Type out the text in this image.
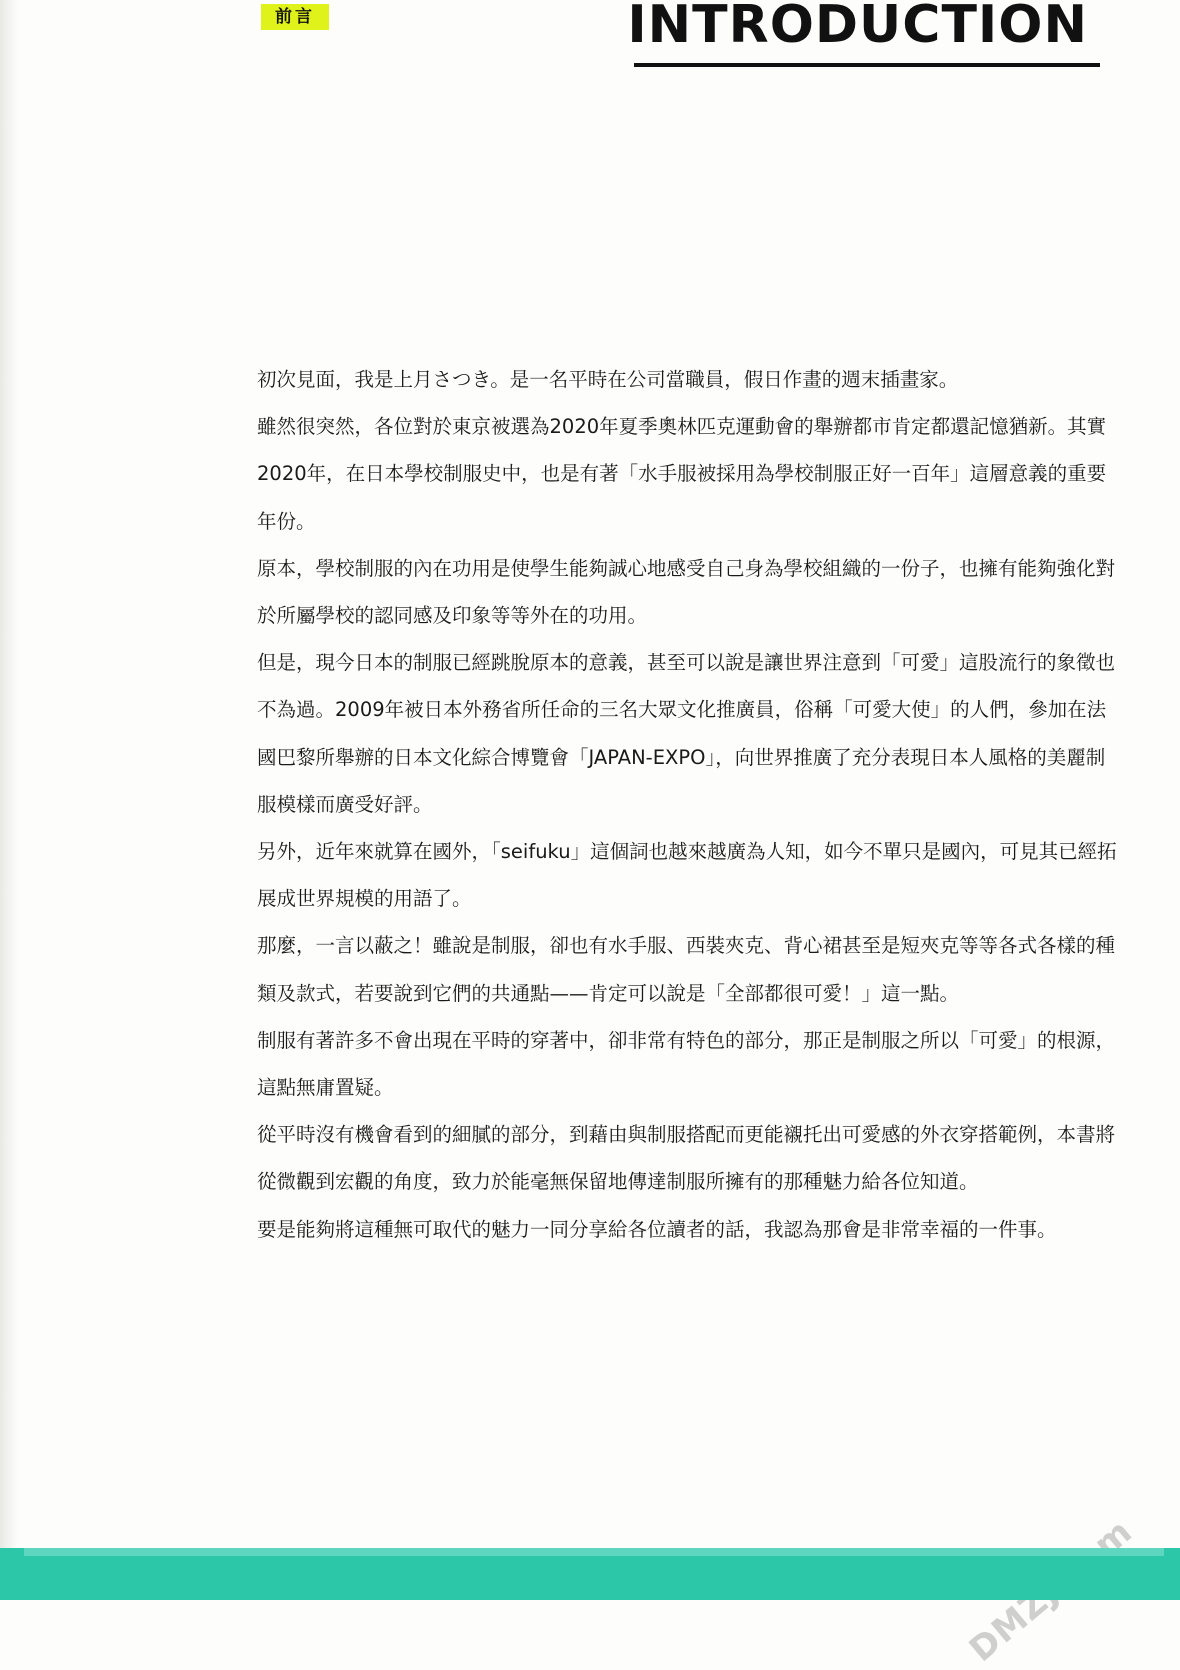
前言	INTRODUCTION

初次見面，我是上月さつき。是一名平時在公司當職員，假日作畫的週末插畫家。

雖然很突然，各位對於東京被選為2020年夏季奧林匹克運動會的舉辦都市肯定都還記憶猶新。其實2020年，在日本學校制服史中，也是有著「水手服被採用為學校制服正好一百年」這層意義的重要年份。

原本，學校制服的內在功用是使學生能夠誠心地感受自己身為學校組織的一份子，也擁有能夠強化對於所屬學校的認同感及印象等等外在的功用。

但是，現今日本的制服已經跳脫原本的意義，甚至可以說是讓世界注意到「可愛」這股流行的象徵也不為過。2009年被日本外務省所任命的三名大眾文化推廣員，俗稱「可愛大使」的人們，參加在法國巴黎所舉辦的日本文化綜合博覽會「JAPAN-EXPO」，向世界推廣了充分表現日本人風格的美麗制服模樣而廣受好評。

另外，近年來就算在國外，「seifuku」這個詞也越來越廣為人知，如今不單只是國內，可見其已經拓展成世界規模的用語了。

那麼，一言以蔽之！雖說是制服，卻也有水手服、西裝夾克、背心裙甚至是短夾克等等各式各樣的種類及款式，若要說到它們的共通點——肯定可以說是「全部都很可愛！」這一點。

制服有著許多不會出現在平時的穿著中，卻非常有特色的部分，那正是制服之所以「可愛」的根源，這點無庸置疑。

從平時沒有機會看到的細膩的部分，到藉由與制服搭配而更能襯托出可愛感的外衣穿搭範例，本書將從微觀到宏觀的角度，致力於能毫無保留地傳達制服所擁有的那種魅力給各位知道。

要是能夠將這種無可取代的魅力一同分享給各位讀者的話，我認為那會是非常幸福的一件事。
